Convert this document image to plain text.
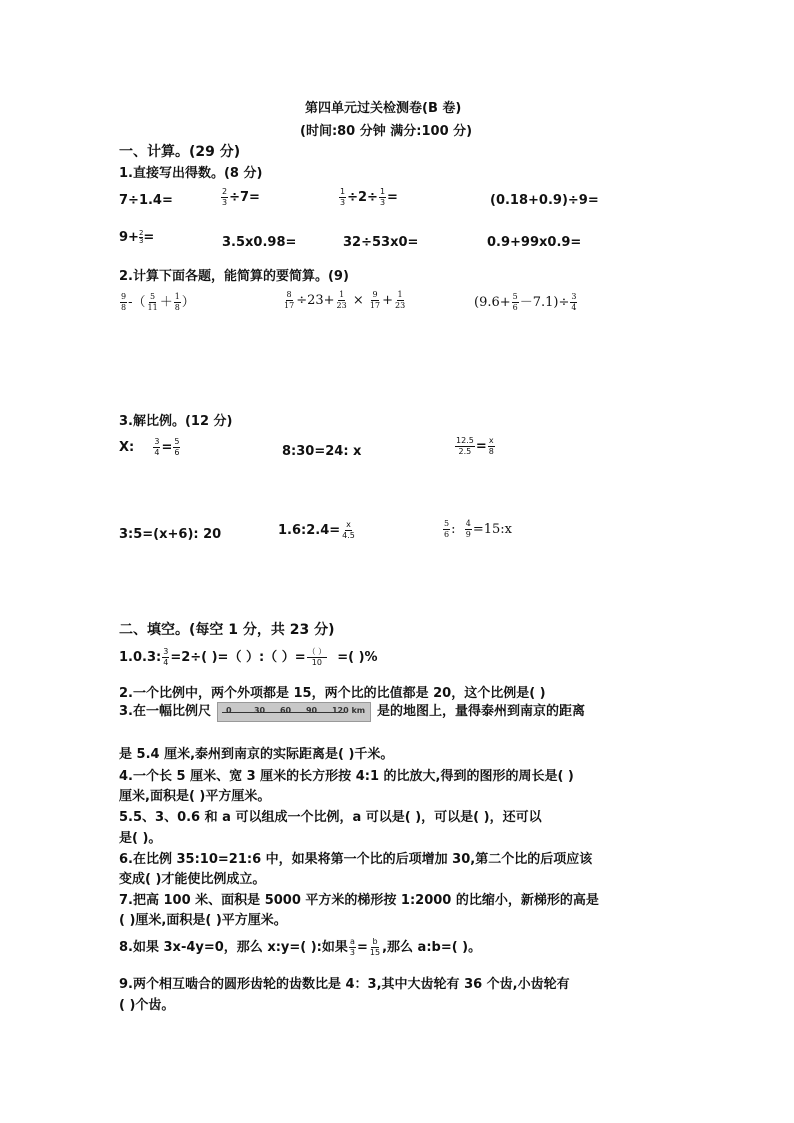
第四单元过关检测卷(B 卷)
(时间:80 分钟 满分:100 分)
一、计算。(29 分)
1.直接写出得数。(8 分)
7÷1.4=	$\frac{2}{3} \div 7=$	$\frac{1}{3} \div 2\div \frac{1}{3}$ =	(0.18+0.9)÷9=
$9+ \frac{2}{3}$ =	3.5x0.98=	32÷53x0=	0.9+99x0.9=
2.计算下面各题，能简算的要简算。(9)
$\frac{9}{8}$ -（ $\frac{5}{11} + \frac{1}{8}$ ）	$\frac{8}{17} \div 23+ \frac{1}{23} \times \frac{9}{17} + \frac{1}{23}$	$(9.6+ \frac{5}{6} -7.1)\div \frac{3}{4}$
3.解比例。(12 分)
X: $\frac{3}{4} = \frac{5}{6}$	8:30=24: x	$\frac{12.5}{2.5} = \frac{x}{8}$
3:5=(x+6): 20	1.6:2.4= $\frac{x}{4.5}$	$\frac{5}{6}$ : $\frac{4}{9}$ =15:x
二、填空。(每空 1 分，共 23 分)
1.0.3: $\frac{3}{4} =2\div$( )=（ ）:（ ）= $\frac{( )}{10}$ =( )%
2.一个比例中，两个外项都是 15，两个比的比值都是 20，这个比例是( )
3.在一幅比例尺 0	30 60 90 120 km 是的地图上，量得泰州到南京的距离
是 5.4 厘米,泰州到南京的实际距离是( )千米。
4.一个长 5 厘米、宽 3 厘米的长方形按 4:1 的比放大,得到的图形的周长是( )
厘米,面积是( )平方厘米。
5.5、3、0.6 和 a 可以组成一个比例，a 可以是( )，可以是( )，还可以
是( )。
6.在比例 35:10=21:6 中，如果将第一个比的后项增加 30,第二个比的后项应该
变成( )才能使比例成立。
7.把高 100 米、面积是 5000 平方米的梯形按 1:2000 的比缩小，新梯形的高是
( )厘米,面积是( )平方厘米。
8.如果 3x-4y=0，那么 x:y=( ):如果 $\frac{a}{3} = \frac{b}{15}$ ,那么 a:b=( )。
9.两个相互啮合的圆形齿轮的齿数比是 4：3,其中大齿轮有 36 个齿,小齿轮有
( )个齿。
